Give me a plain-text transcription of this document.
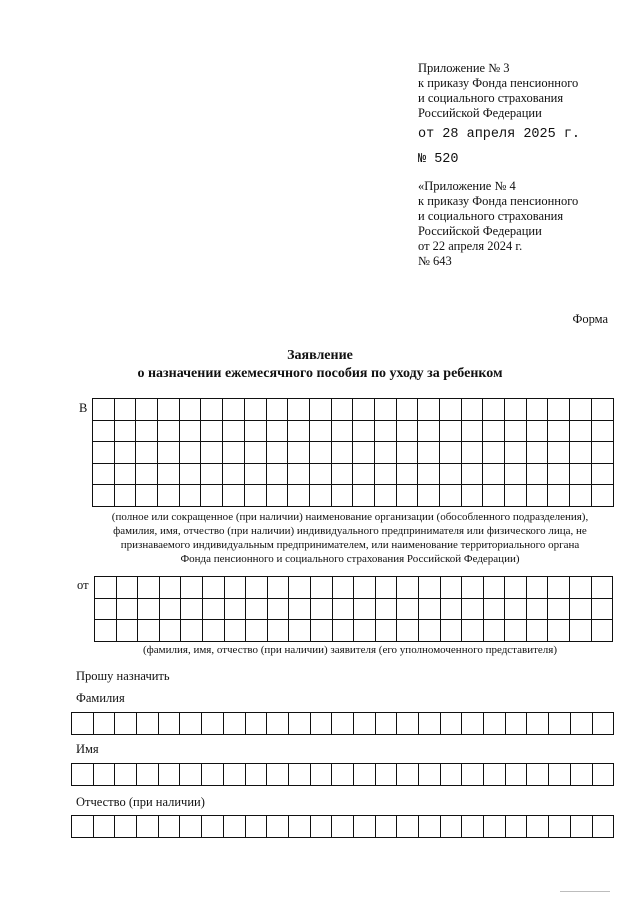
Приложение № 3
к приказу Фонда пенсионного
и социального страхования
Российской Федерации
от 28 апреля 2025 г.
№ 520
«Приложение № 4
к приказу Фонда пенсионного
и социального страхования
Российской Федерации
от 22 апреля 2024 г.
№ 643
Форма
Заявление
о назначении ежемесячного пособия по уходу за ребенком
В
(полное или сокращенное (при наличии) наименование организации (обособленного подразделения),
фамилия, имя, отчество (при наличии) индивидуального предпринимателя или физического лица, не
признаваемого индивидуальным предпринимателем, или наименование территориального органа
Фонда пенсионного и социального страхования Российской Федерации)
от
(фамилия, имя, отчество (при наличии) заявителя (его уполномоченного представителя)
Прошу назначить
Фамилия
Имя
Отчество (при наличии)
